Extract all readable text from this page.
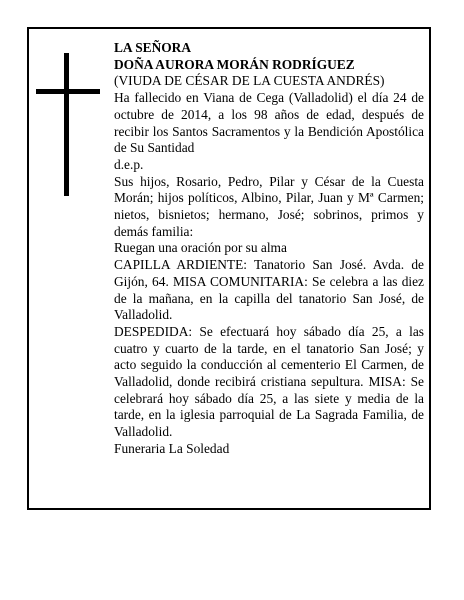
LA SEÑORA

DOÑA AURORA MORÁN RODRÍGUEZ

(VIUDA DE CÉSAR DE LA CUESTA ANDRÉS)

Ha fallecido en Viana de Cega (Valladolid) el día 24 de octubre de 2014, a los 98 años de edad, después de recibir los Santos Sacramentos y la Bendición Apostólica de Su Santidad

d.e.p.

Sus hijos, Rosario, Pedro, Pilar y César de la Cuesta Morán; hijos políticos, Albino, Pilar, Juan y Mª Carmen; nietos, bisnietos; hermano, José; sobrinos, primos y demás familia:

Ruegan una oración por su alma

CAPILLA ARDIENTE: Tanatorio San José. Avda. de Gijón, 64. MISA COMUNITARIA: Se celebra a las diez de la mañana, en la capilla del tanatorio San José, de Valladolid.

DESPEDIDA: Se efectuará hoy sábado día 25, a las cuatro y cuarto de la tarde, en el tanatorio San José; y acto seguido la conducción al cementerio El Carmen, de Valladolid, donde recibirá cristiana sepultura. MISA: Se celebrará hoy sábado día 25, a las siete y media de la tarde, en la iglesia parroquial de La Sagrada Familia, de Valladolid.

Funeraria La Soledad
